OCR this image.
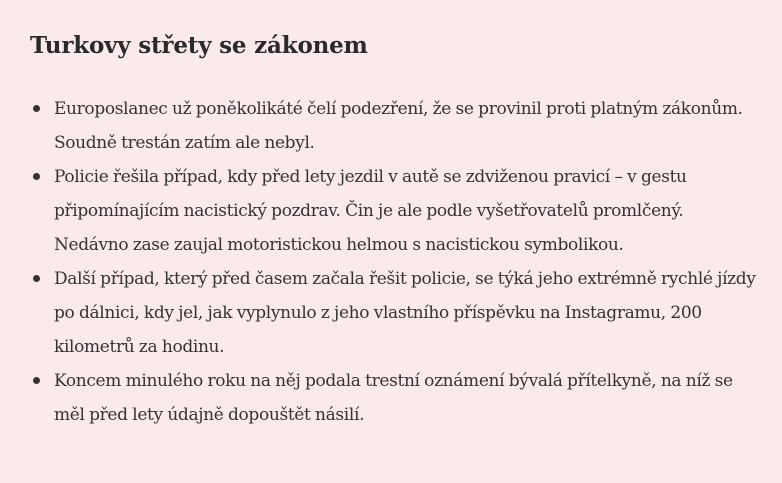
Turkovy střety se zákonem
Europoslanec už poněkolikáté čelí podezření, že se provinil proti platným zákonům. Soudně trestán zatím ale nebyl.
Policie řešila případ, kdy před lety jezdil v autě se zdviženou pravicí – v gestu připomínajícím nacistický pozdrav. Čin je ale podle vyšetřovatelů promlčený. Nedávno zase zaujal motoristickou helmou s nacistickou symbolikou.
Další případ, který před časem začala řešit policie, se týká jeho extrémně rychlé jízdy po dálnici, kdy jel, jak vyplynulo z jeho vlastního příspěvku na Instagramu, 200 kilometrů za hodinu.
Koncem minulého roku na něj podala trestní oznámení bývalá přítelkyně, na níž se měl před lety údajně dopouštět násilí.
